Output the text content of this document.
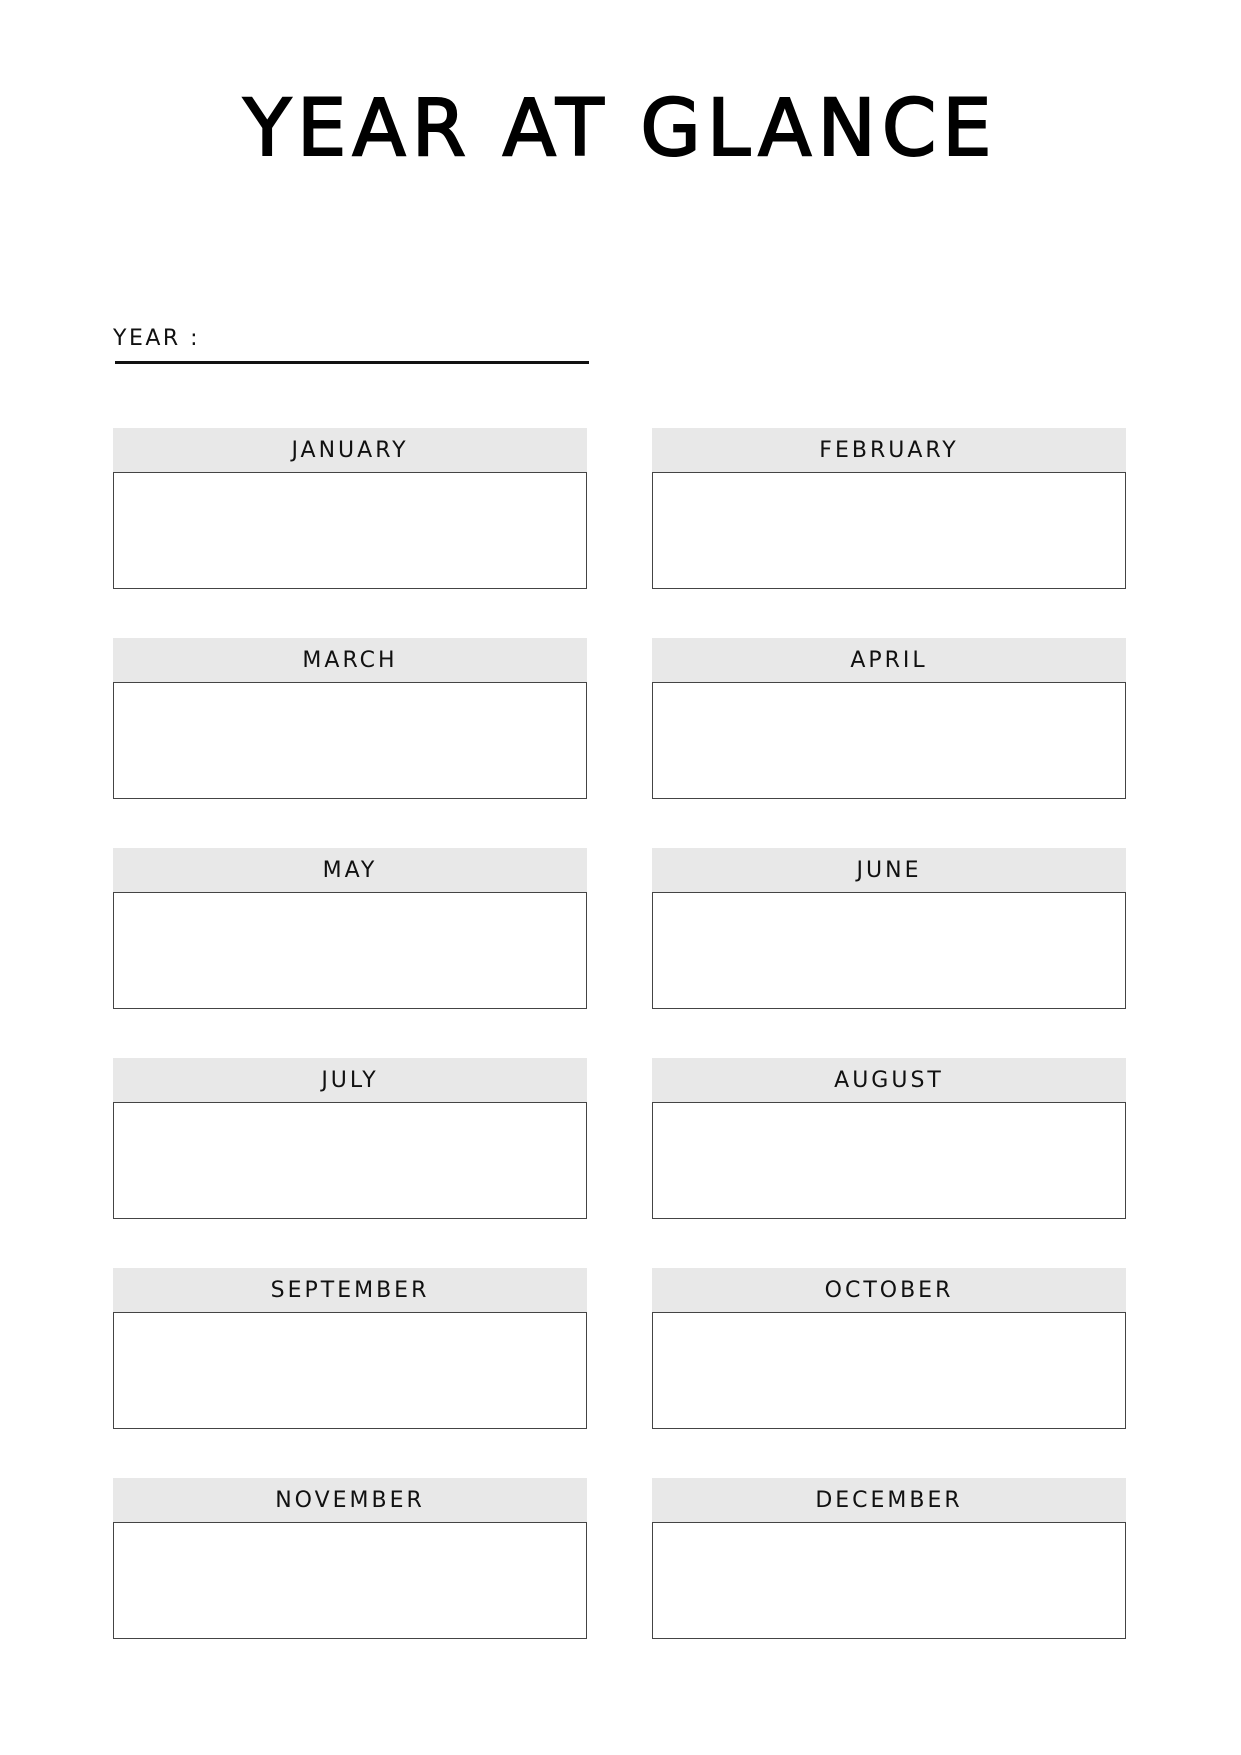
YEAR AT GLANCE
YEAR :
JANUARY	FEBRUARY
MARCH	APRIL
MAY	JUNE
JULY	AUGUST
SEPTEMBER	OCTOBER
NOVEMBER	DECEMBER
